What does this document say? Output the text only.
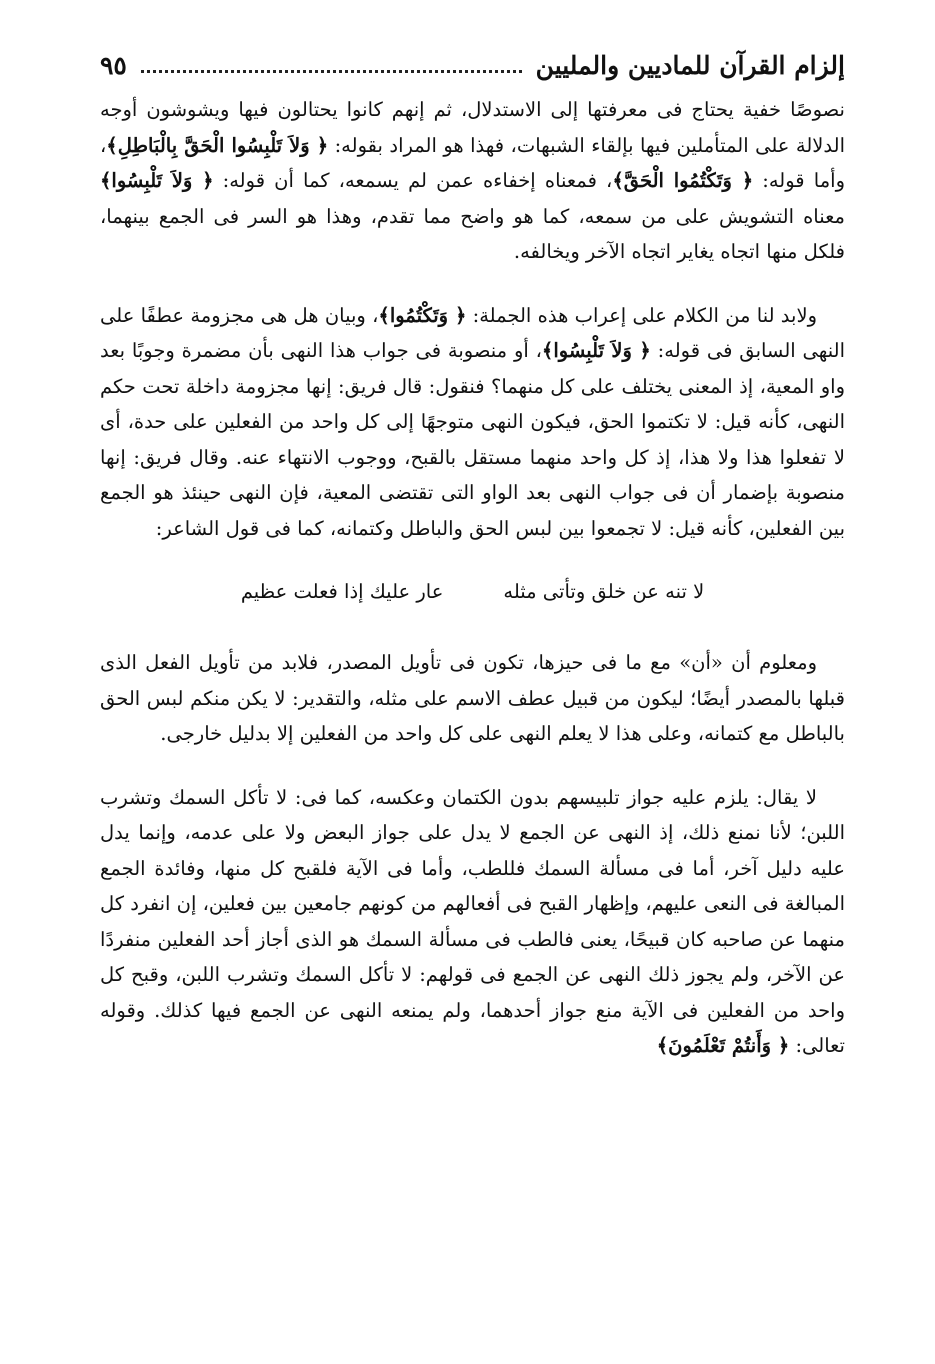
إلزام القرآن للماديين والمليين
٩٥

نصوصًا خفية يحتاج فى معرفتها إلى الاستدلال، ثم إنهم كانوا يحتالون فيها ويشوشون أوجه الدلالة على المتأملين فيها بإلقاء الشبهات، فهذا هو المراد بقوله: ﴿ وَلاَ تَلْبِسُوا الْحَقَّ بِالْبَاطِلِ﴾، وأما قوله: ﴿ وَتَكْتُمُوا الْحَقَّ﴾، فمعناه إخفاءه عمن لم يسمعه، كما أن قوله: ﴿ وَلاَ تَلْبِسُوا﴾ معناه التشويش على من سمعه، كما هو واضح مما تقدم، وهذا هو السر فى الجمع بينهما، فلكل منها اتجاه يغاير اتجاه الآخر ويخالفه.

ولابد لنا من الكلام على إعراب هذه الجملة: ﴿ وَتَكْتُمُوا﴾، وبيان هل هى مجزومة عطفًا على النهى السابق فى قوله: ﴿ وَلاَ تَلْبِسُوا﴾، أو منصوبة فى جواب هذا النهى بأن مضمرة وجوبًا بعد واو المعية، إذ المعنى يختلف على كل منهما؟ فنقول: قال فريق: إنها مجزومة داخلة تحت حكم النهى، كأنه قيل: لا تكتموا الحق، فيكون النهى متوجهًا إلى كل واحد من الفعلين على حدة، أى لا تفعلوا هذا ولا هذا، إذ كل واحد منهما مستقل بالقبح، ووجوب الانتهاء عنه. وقال فريق: إنها منصوبة بإضمار أن فى جواب النهى بعد الواو التى تقتضى المعية، فإن النهى حينئذ هو الجمع بين الفعلين، كأنه قيل: لا تجمعوا بين لبس الحق والباطل وكتمانه، كما فى قول الشاعر:

لا تنه عن خلق وتأتى مثله
عار عليك إذا فعلت عظيم

ومعلوم أن «أن» مع ما فى حيزها، تكون فى تأويل المصدر، فلابد من تأويل الفعل الذى قبلها بالمصدر أيضًا؛ ليكون من قبيل عطف الاسم على مثله، والتقدير: لا يكن منكم لبس الحق بالباطل مع كتمانه، وعلى هذا لا يعلم النهى على كل واحد من الفعلين إلا بدليل خارجى.

لا يقال: يلزم عليه جواز تلبيسهم بدون الكتمان وعكسه، كما فى: لا تأكل السمك وتشرب اللبن؛ لأنا نمنع ذلك، إذ النهى عن الجمع لا يدل على جواز البعض ولا على عدمه، وإنما يدل عليه دليل آخر، أما فى مسألة السمك فللطب، وأما فى الآية فلقبح كل منها، وفائدة الجمع المبالغة فى النعى عليهم، وإظهار القبح فى أفعالهم من كونهم جامعين بين فعلين، إن انفرد كل منهما عن صاحبه كان قبيحًا، يعنى فالطب فى مسألة السمك هو الذى أجاز أحد الفعلين منفردًا عن الآخر، ولم يجوز ذلك النهى عن الجمع فى قولهم: لا تأكل السمك وتشرب اللبن، وقبح كل واحد من الفعلين فى الآية منع جواز أحدهما، ولم يمنعه النهى عن الجمع فيها كذلك. وقوله تعالى: ﴿ وَأَنتُمْ تَعْلَمُونَ﴾
